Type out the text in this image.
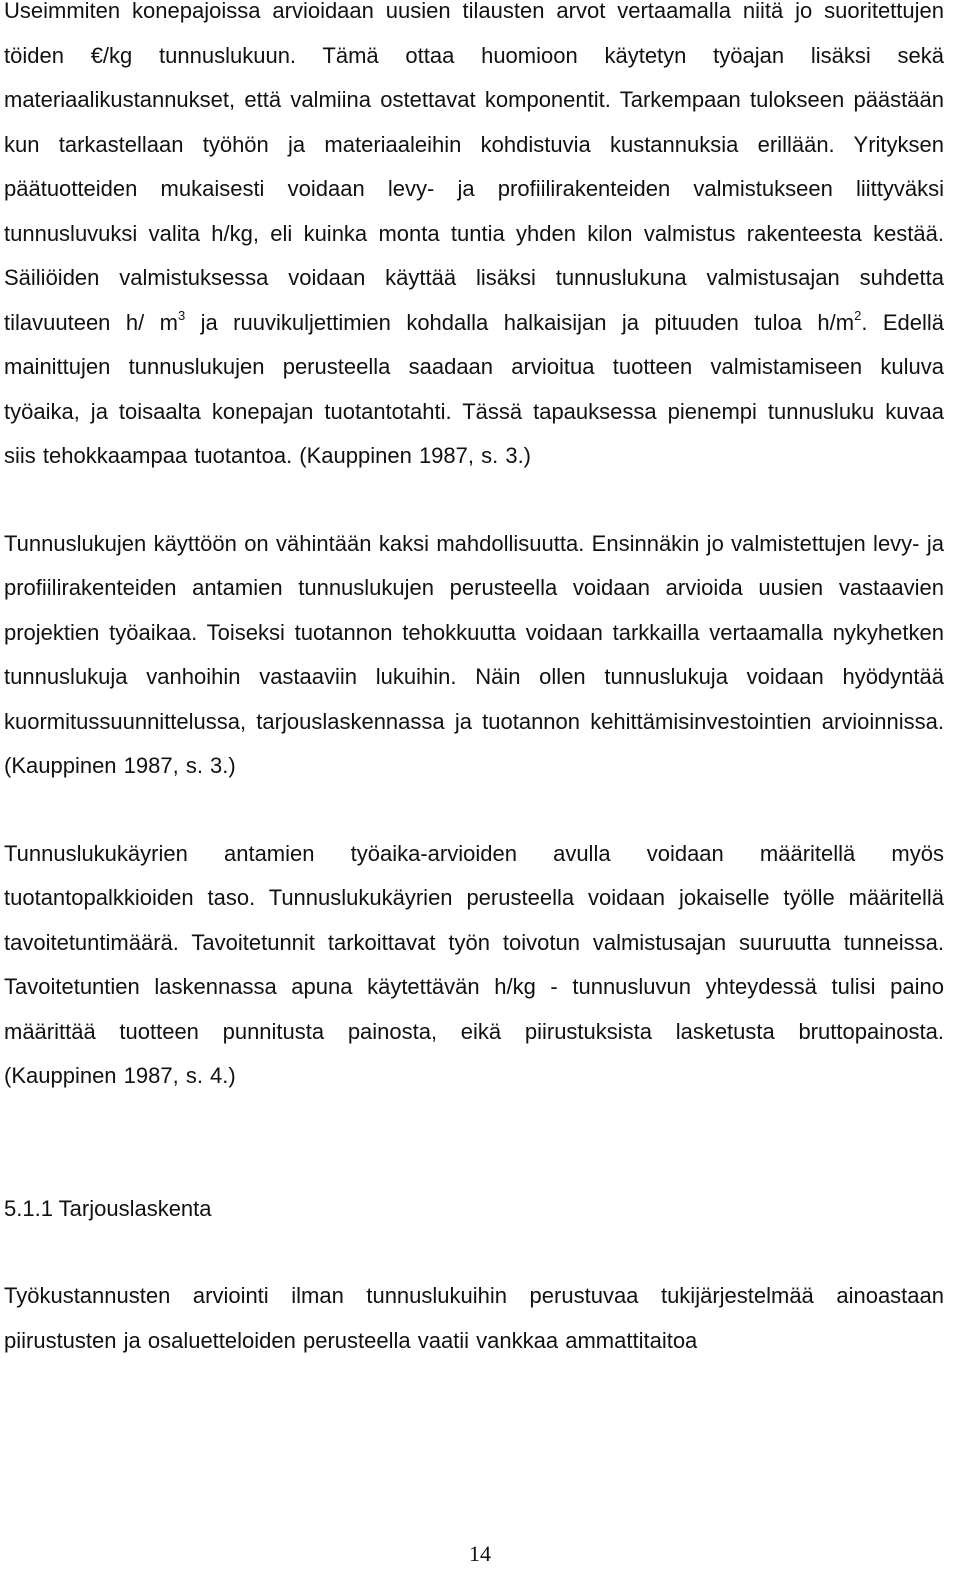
Useimmiten konepajoissa arvioidaan uusien tilausten arvot vertaamalla niitä jo suoritettujen töiden €/kg tunnuslukuun. Tämä ottaa huomioon käytetyn työajan lisäksi sekä materiaalikustannukset, että valmiina ostettavat komponentit. Tarkempaan tulokseen päästään kun tarkastellaan työhön ja materiaaleihin kohdistuvia kustannuksia erillään. Yrityksen päätuotteiden mukaisesti voidaan levy- ja profiilirakenteiden valmistukseen liittyväksi tunnusluvuksi valita h/kg, eli kuinka monta tuntia yhden kilon valmistus rakenteesta kestää. Säiliöiden valmistuksessa voidaan käyttää lisäksi tunnuslukuna valmistusajan suhdetta tilavuuteen h/ $m^3$ ja ruuvikuljettimien kohdalla halkaisijan ja pituuden tuloa $h/m^2$. Edellä mainittujen tunnuslukujen perusteella saadaan arvioitua tuotteen valmistamiseen kuluva työaika, ja toisaalta konepajan tuotantotahti. Tässä tapauksessa pienempi tunnusluku kuvaa siis tehokkaampaa tuotantoa. (Kauppinen 1987, s. 3.)

Tunnuslukujen käyttöön on vähintään kaksi mahdollisuutta. Ensinnäkin jo valmistettujen levy- ja profiilirakenteiden antamien tunnuslukujen perusteella voidaan arvioida uusien vastaavien projektien työaikaa. Toiseksi tuotannon tehokkuutta voidaan tarkkailla vertaamalla nykyhetken tunnuslukuja vanhoihin vastaaviin lukuihin. Näin ollen tunnuslukuja voidaan hyödyntää kuormitussuunnittelussa, tarjouslaskennassa ja tuotannon kehittämisinvestointien arvioinnissa. (Kauppinen 1987, s. 3.)

Tunnuslukukäyrien antamien työaika-arvioiden avulla voidaan määritellä myös tuotantopalkkioiden taso. Tunnuslukukäyrien perusteella voidaan jokaiselle työlle määritellä tavoitetuntimäärä. Tavoitetunnit tarkoittavat työn toivotun valmistusajan suuruutta tunneissa. Tavoitetuntien laskennassa apuna käytettävän h/kg - tunnusluvun yhteydessä tulisi paino määrittää tuotteen punnitusta painosta, eikä piirustuksista lasketusta bruttopainosta. (Kauppinen 1987, s. 4.)

5.1.1 Tarjouslaskenta

Työkustannusten arviointi ilman tunnuslukuihin perustuvaa tukijärjestelmää ainoastaan piirustusten ja osaluetteloiden perusteella vaatii vankkaa ammattitaitoa

14
